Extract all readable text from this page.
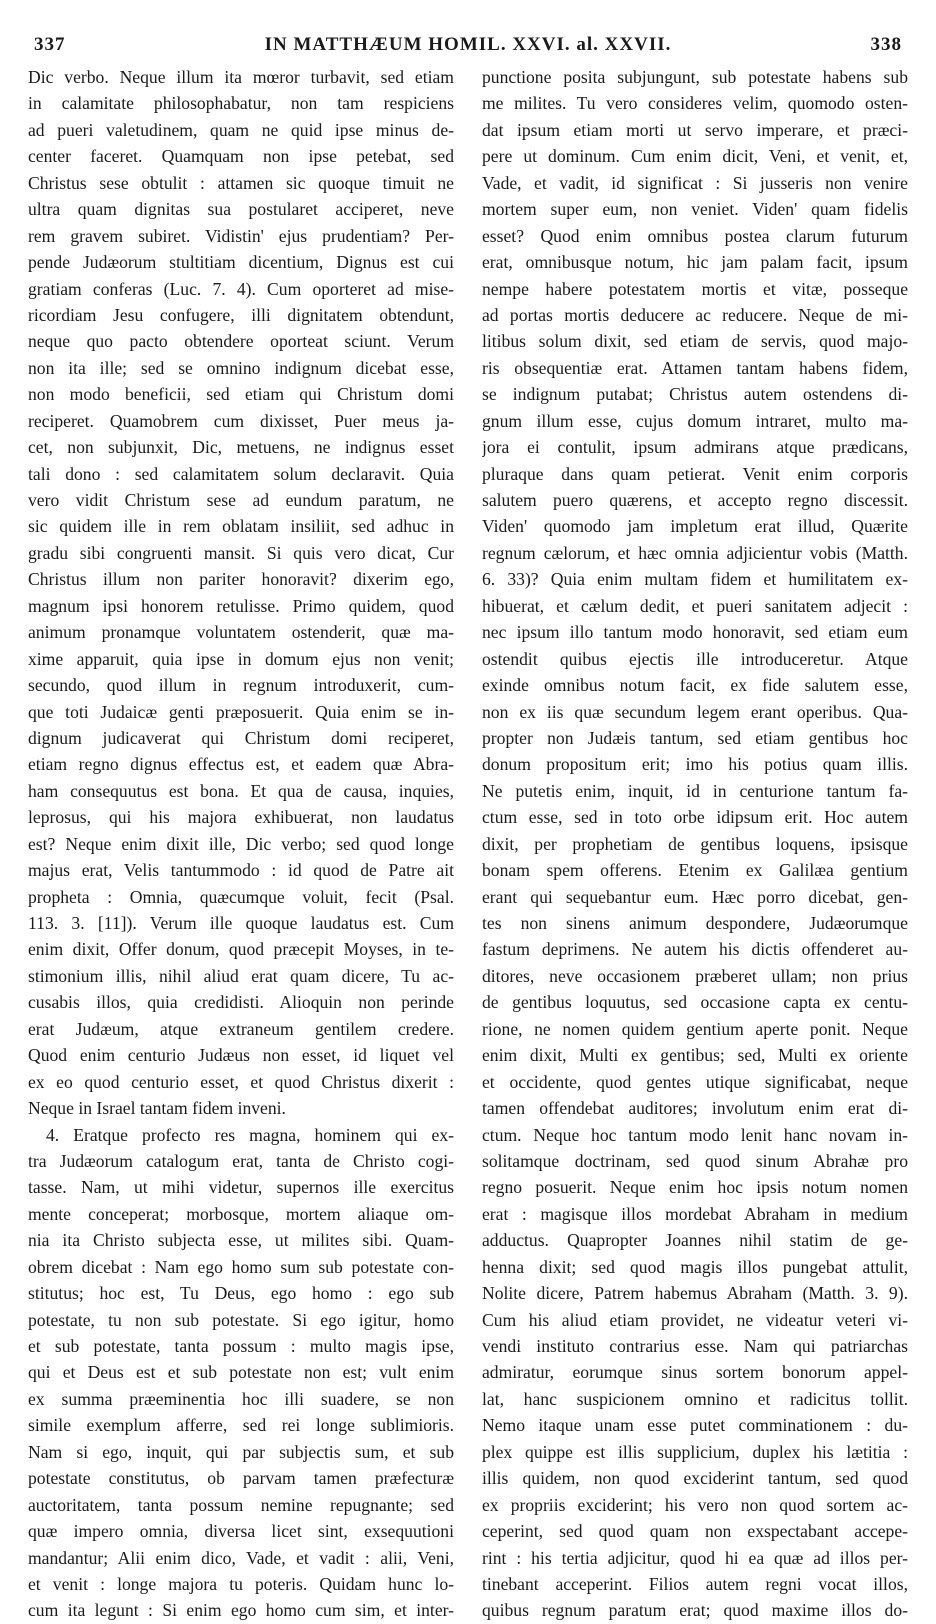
337	IN MATTHÆUM HOMIL. XXVI. al. XXVII.	338
Dic verbo. Neque illum ita mœror turbavit, sed etiam
in calamitate philosophabatur, non tam respiciens
ad pueri valetudinem, quam ne quid ipse minus de-
center faceret. Quamquam non ipse petebat, sed
Christus sese obtulit : attamen sic quoque timuit ne
ultra quam dignitas sua postularet acciperet, neve
rem gravem subiret. Vidistin' ejus prudentiam? Per-
pende Judæorum stultitiam dicentium, Dignus est cui
gratiam conferas (Luc. 7. 4). Cum oporteret ad mise-
ricordiam Jesu confugere, illi dignitatem obtendunt,
neque quo pacto obtendere oporteat sciunt. Verum
non ita ille; sed se omnino indignum dicebat esse,
non modo beneficii, sed etiam qui Christum domi
reciperet. Quamobrem cum dixisset, Puer meus ja-
cet, non subjunxit, Dic, metuens, ne indignus esset
tali dono : sed calamitatem solum declaravit. Quia
vero vidit Christum sese ad eundum paratum, ne
sic quidem ille in rem oblatam insiliit, sed adhuc in
gradu sibi congruenti mansit. Si quis vero dicat, Cur
Christus illum non pariter honoravit? dixerim ego,
magnum ipsi honorem retulisse. Primo quidem, quod
animum pronamque voluntatem ostenderit, quæ ma-
xime apparuit, quia ipse in domum ejus non venit;
secundo, quod illum in regnum introduxerit, cum-
que toti Judaicæ genti præposuerit. Quia enim se in-
dignum judicaverat qui Christum domi reciperet,
etiam regno dignus effectus est, et eadem quæ Abra-
ham consequutus est bona. Et qua de causa, inquies,
leprosus, qui his majora exhibuerat, non laudatus
est? Neque enim dixit ille, Dic verbo; sed quod longe
majus erat, Velis tantummodo : id quod de Patre ait
propheta : Omnia, quæcumque voluit, fecit (Psal.
113. 3. [11]). Verum ille quoque laudatus est. Cum
enim dixit, Offer donum, quod præcepit Moyses, in te-
stimonium illis, nihil aliud erat quam dicere, Tu ac-
cusabis illos, quia credidisti. Alioquin non perinde
erat Judæum, atque extraneum gentilem credere.
Quod enim centurio Judæus non esset, id liquet vel
ex eo quod centurio esset, et quod Christus dixerit :
Neque in Israel tantam fidem inveni.
4. Eratque profecto res magna, hominem qui ex-
tra Judæorum catalogum erat, tanta de Christo cogi-
tasse. Nam, ut mihi videtur, supernos ille exercitus
mente conceperat; morbosque, mortem aliaque om-
nia ita Christo subjecta esse, ut milites sibi. Quam-
obrem dicebat : Nam ego homo sum sub potestate con-
stitutus; hoc est, Tu Deus, ego homo : ego sub
potestate, tu non sub potestate. Si ego igitur, homo
et sub potestate, tanta possum : multo magis ipse,
qui et Deus est et sub potestate non est; vult enim
ex summa præeminentia hoc illi suadere, se non
simile exemplum afferre, sed rei longe sublimioris.
Nam si ego, inquit, qui par subjectis sum, et sub
potestate constitutus, ob parvam tamen præfecturæ
auctoritatem, tanta possum nemine repugnante; sed
quæ impero omnia, diversa licet sint, exsequutioni
mandantur; Alii enim dico, Vade, et vadit : alii, Veni,
et venit : longe majora tu poteris. Quidam hunc lo-
cum ita legunt : Si enim ego homo cum sim, et inter-
punctione posita subjungunt, sub potestate habens sub
me milites. Tu vero consideres velim, quomodo osten-
dat ipsum etiam morti ut servo imperare, et præci-
pere ut dominum. Cum enim dicit, Veni, et venit, et,
Vade, et vadit, id significat : Si jusseris non venire
mortem super eum, non veniet. Viden' quam fidelis
esset? Quod enim omnibus postea clarum futurum
erat, omnibusque notum, hic jam palam facit, ipsum
nempe habere potestatem mortis et vitæ, posseque
ad portas mortis deducere ac reducere. Neque de mi-
litibus solum dixit, sed etiam de servis, quod majo-
ris obsequentiæ erat. Attamen tantam habens fidem,
se indignum putabat; Christus autem ostendens di-
gnum illum esse, cujus domum intraret, multo ma-
jora ei contulit, ipsum admirans atque prædicans,
pluraque dans quam petierat. Venit enim corporis
salutem puero quærens, et accepto regno discessit.
Viden' quomodo jam impletum erat illud, Quærite
regnum cælorum, et hæc omnia adjicientur vobis (Matth.
6. 33)? Quia enim multam fidem et humilitatem ex-
hibuerat, et cælum dedit, et pueri sanitatem adjecit :
nec ipsum illo tantum modo honoravit, sed etiam eum
ostendit quibus ejectis ille introduceretur. Atque
exinde omnibus notum facit, ex fide salutem esse,
non ex iis quæ secundum legem erant operibus. Qua-
propter non Judæis tantum, sed etiam gentibus hoc
donum propositum erit; imo his potius quam illis.
Ne putetis enim, inquit, id in centurione tantum fa-
ctum esse, sed in toto orbe idipsum erit. Hoc autem
dixit, per prophetiam de gentibus loquens, ipsisque
bonam spem offerens. Etenim ex Galilæa gentium
erant qui sequebantur eum. Hæc porro dicebat, gen-
tes non sinens animum despondere, Judæorumque
fastum deprimens. Ne autem his dictis offenderet au-
ditores, neve occasionem præberet ullam; non prius
de gentibus loquutus, sed occasione capta ex centu-
rione, ne nomen quidem gentium aperte ponit. Neque
enim dixit, Multi ex gentibus; sed, Multi ex oriente
et occidente, quod gentes utique significabat, neque
tamen offendebat auditores; involutum enim erat di-
ctum. Neque hoc tantum modo lenit hanc novam in-
solitamque doctrinam, sed quod sinum Abrahæ pro
regno posuerit. Neque enim hoc ipsis notum nomen
erat : magisque illos mordebat Abraham in medium
adductus. Quapropter Joannes nihil statim de ge-
henna dixit; sed quod magis illos pungebat attulit,
Nolite dicere, Patrem habemus Abraham (Matth. 3. 9).
Cum his aliud etiam providet, ne videatur veteri vi-
vendi instituto contrarius esse. Nam qui patriarchas
admiratur, eorumque sinus sortem bonorum appel-
lat, hanc suspicionem omnino et radicitus tollit.
Nemo itaque unam esse putet comminationem : du-
plex quippe est illis supplicium, duplex his lætitia :
illis quidem, non quod exciderint tantum, sed quod
ex propriis exciderint; his vero non quod sortem ac-
ceperint, sed quod quam non exspectabant accepe-
rint : his tertia adjicitur, quod hi ea quæ ad illos per-
tinebant acceperint. Filios autem regni vocat illos,
quibus regnum paratum erat; quod maxime illos do-
